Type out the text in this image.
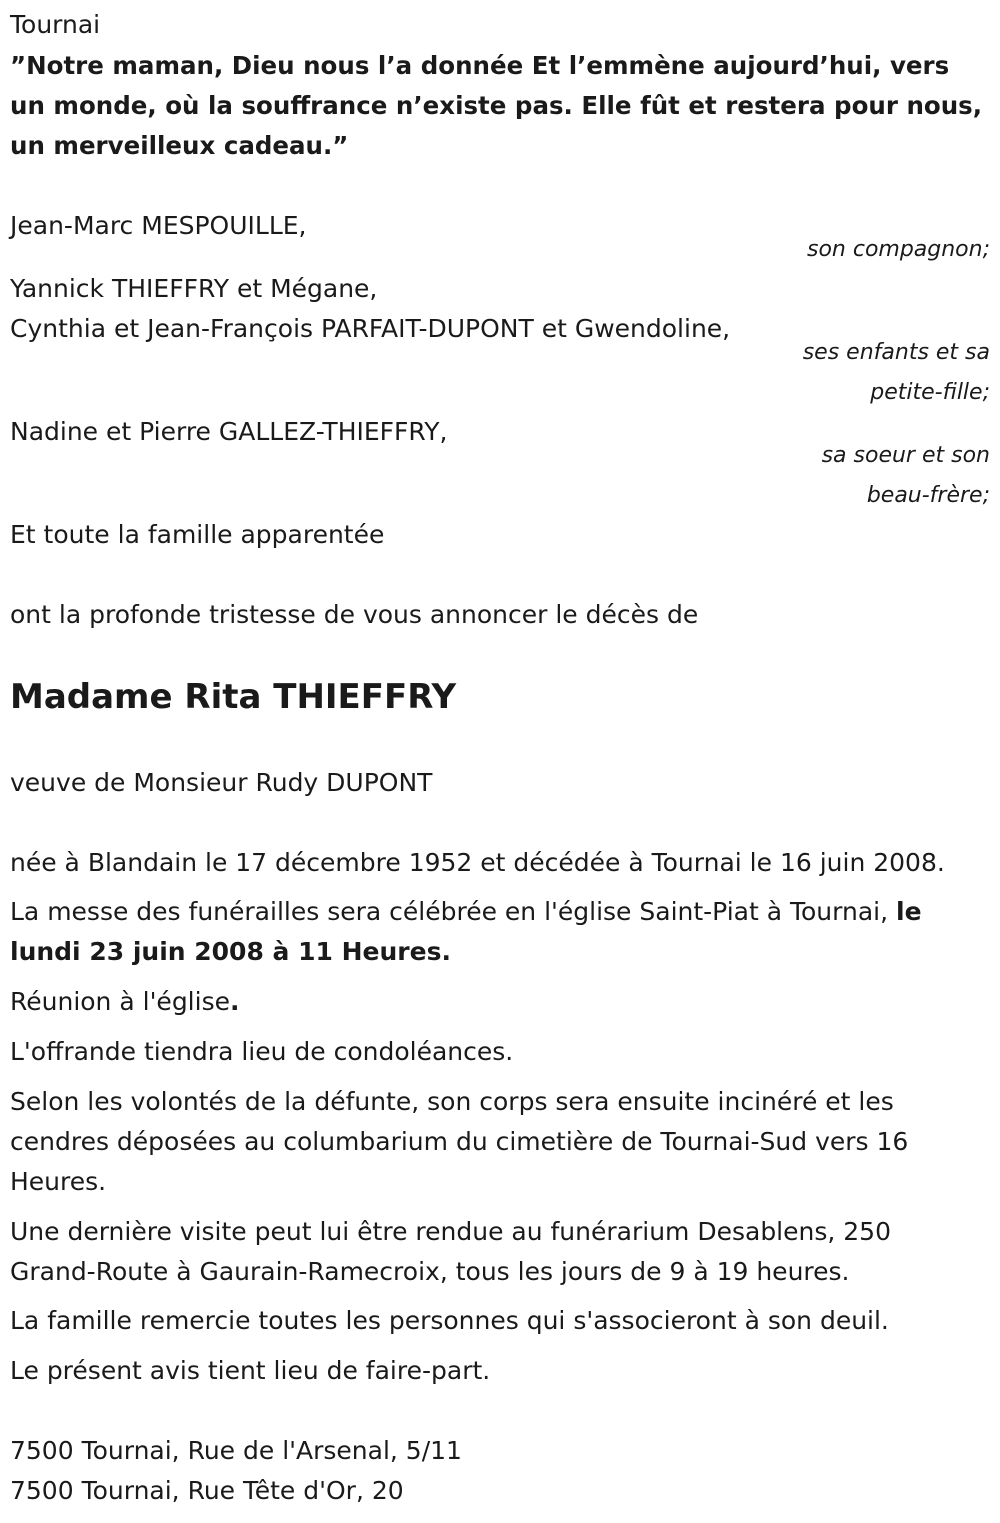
Tournai
”Notre maman, Dieu nous l’a donnée Et l’emmène aujourd’hui, vers un monde, où la souffrance n’existe pas. Elle fût et restera pour nous, un merveilleux cadeau.”
Jean-Marc MESPOUILLE,
son compagnon;
Yannick THIEFFRY et Mégane,
Cynthia et Jean-François PARFAIT-DUPONT et Gwendoline,
ses enfants et sa
petite-fille;
Nadine et Pierre GALLEZ-THIEFFRY,
sa soeur et son
beau-frère;
Et toute la famille apparentée
ont la profonde tristesse de vous annoncer le décès de
Madame Rita THIEFFRY
veuve de Monsieur Rudy DUPONT
née à Blandain le 17 décembre 1952 et décédée à Tournai le 16 juin 2008.
La messe des funérailles sera célébrée en l'église Saint-Piat à Tournai, le lundi 23 juin 2008 à 11 Heures.
Réunion à l'église.
L'offrande tiendra lieu de condoléances.
Selon les volontés de la défunte, son corps sera ensuite incinéré et les cendres déposées au columbarium du cimetière de Tournai-Sud vers 16 Heures.
Une dernière visite peut lui être rendue au funérarium Desablens, 250 Grand-Route à Gaurain-Ramecroix, tous les jours de 9 à 19 heures.
La famille remercie toutes les personnes qui s'associeront à son deuil.
Le présent avis tient lieu de faire-part.
7500 Tournai, Rue de l'Arsenal, 5/11
7500 Tournai, Rue Tête d'Or, 20
